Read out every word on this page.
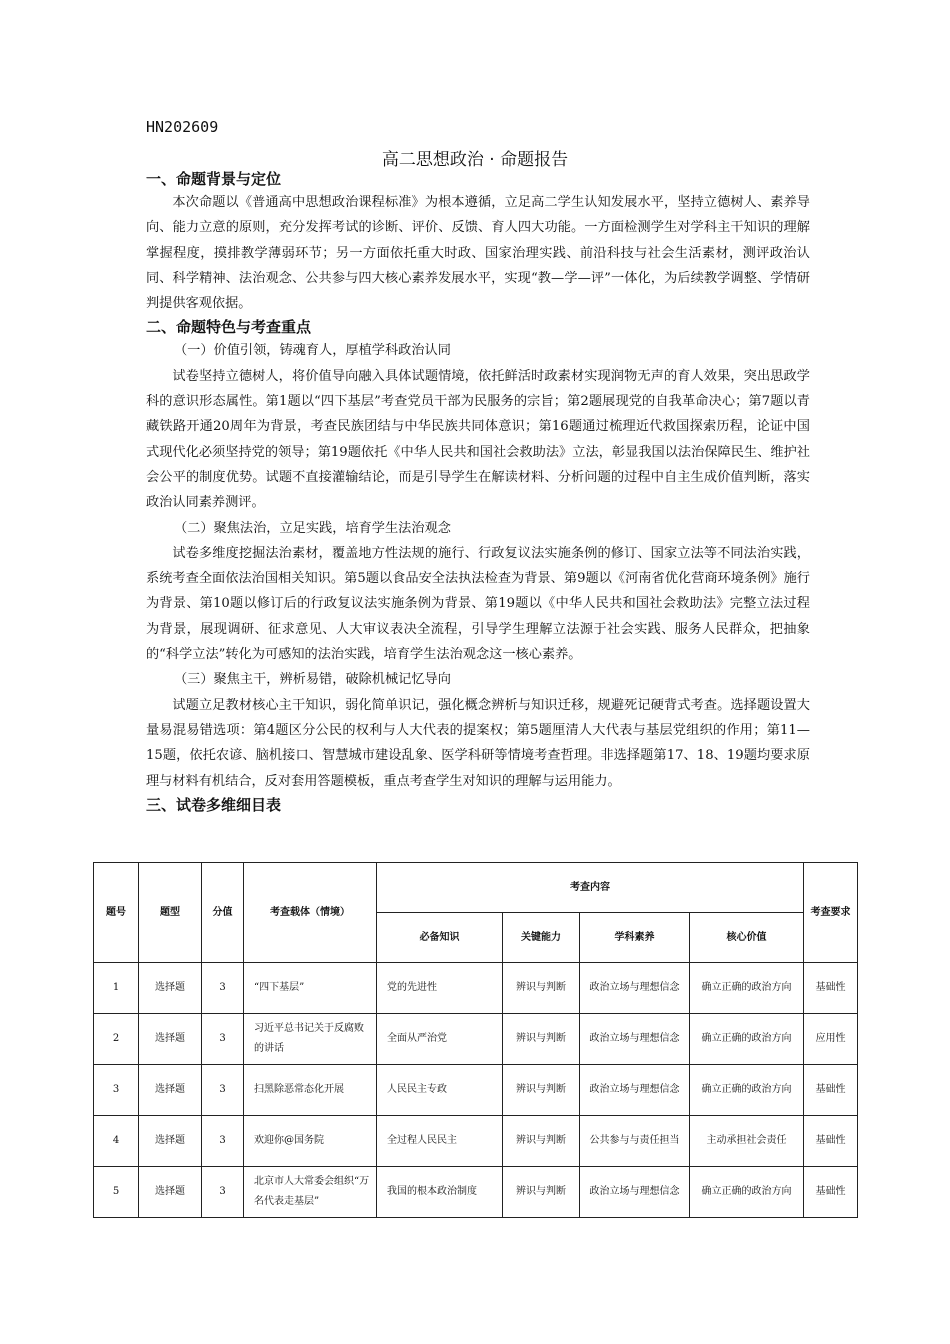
HN202609
高二思想政治 · 命题报告
一、命题背景与定位

本次命题以《普通高中思想政治课程标准》为根本遵循，立足高二学生认知发展水平，坚持立德树人、素养导向、能力立意的原则，充分发挥考试的诊断、评价、反馈、育人四大功能。一方面检测学生对学科主干知识的理解掌握程度，摸排教学薄弱环节；另一方面依托重大时政、国家治理实践、前沿科技与社会生活素材，测评政治认同、科学精神、法治观念、公共参与四大核心素养发展水平，实现“教—学—评”一体化，为后续教学调整、学情研判提供客观依据。

二、命题特色与考查重点
（一）价值引领，铸魂育人，厚植学科政治认同

试卷坚持立德树人，将价值导向融入具体试题情境，依托鲜活时政素材实现润物无声的育人效果，突出思政学科的意识形态属性。第1题以“四下基层”考查党员干部为民服务的宗旨；第2题展现党的自我革命决心；第7题以青藏铁路开通20周年为背景，考查民族团结与中华民族共同体意识；第16题通过梳理近代救国探索历程，论证中国式现代化必须坚持党的领导；第19题依托《中华人民共和国社会救助法》立法，彰显我国以法治保障民生、维护社会公平的制度优势。试题不直接灌输结论，而是引导学生在解读材料、分析问题的过程中自主生成价值判断，落实政治认同素养测评。

（二）聚焦法治，立足实践，培育学生法治观念

试卷多维度挖掘法治素材，覆盖地方性法规的施行、行政复议法实施条例的修订、国家立法等不同法治实践，系统考查全面依法治国相关知识。第5题以食品安全法执法检查为背景、第9题以《河南省优化营商环境条例》施行为背景、第10题以修订后的行政复议法实施条例为背景、第19题以《中华人民共和国社会救助法》完整立法过程为背景，展现调研、征求意见、人大审议表决全流程，引导学生理解立法源于社会实践、服务人民群众，把抽象的“科学立法”转化为可感知的法治实践，培育学生法治观念这一核心素养。

（三）聚焦主干，辨析易错，破除机械记忆导向

试题立足教材核心主干知识，弱化简单识记，强化概念辨析与知识迁移，规避死记硬背式考查。选择题设置大量易混易错选项：第4题区分公民的权利与人大代表的提案权；第5题厘清人大代表与基层党组织的作用；第11—15题，依托农谚、脑机接口、智慧城市建设乱象、医学科研等情境考查哲理。非选择题第17、18、19题均要求原理与材料有机结合，反对套用答题模板，重点考查学生对知识的理解与运用能力。

三、试卷多维细目表
题号	题型	分值	考查载体（情境）	考查内容				考查要求
				必备知识	关键能力	学科素养	核心价值	
1	选择题	3	“四下基层”	党的先进性	辨识与判断	政治立场与理想信念	确立正确的政治方向	基础性
2	选择题	3	习近平总书记关于反腐败的讲话	全面从严治党	辨识与判断	政治立场与理想信念	确立正确的政治方向	应用性
3	选择题	3	扫黑除恶常态化开展	人民民主专政	辨识与判断	政治立场与理想信念	确立正确的政治方向	基础性
4	选择题	3	欢迎你@国务院	全过程人民民主	辨识与判断	公共参与与责任担当	主动承担社会责任	基础性
5	选择题	3	北京市人大常委会组织“万名代表走基层”	我国的根本政治制度	辨识与判断	政治立场与理想信念	确立正确的政治方向	基础性
